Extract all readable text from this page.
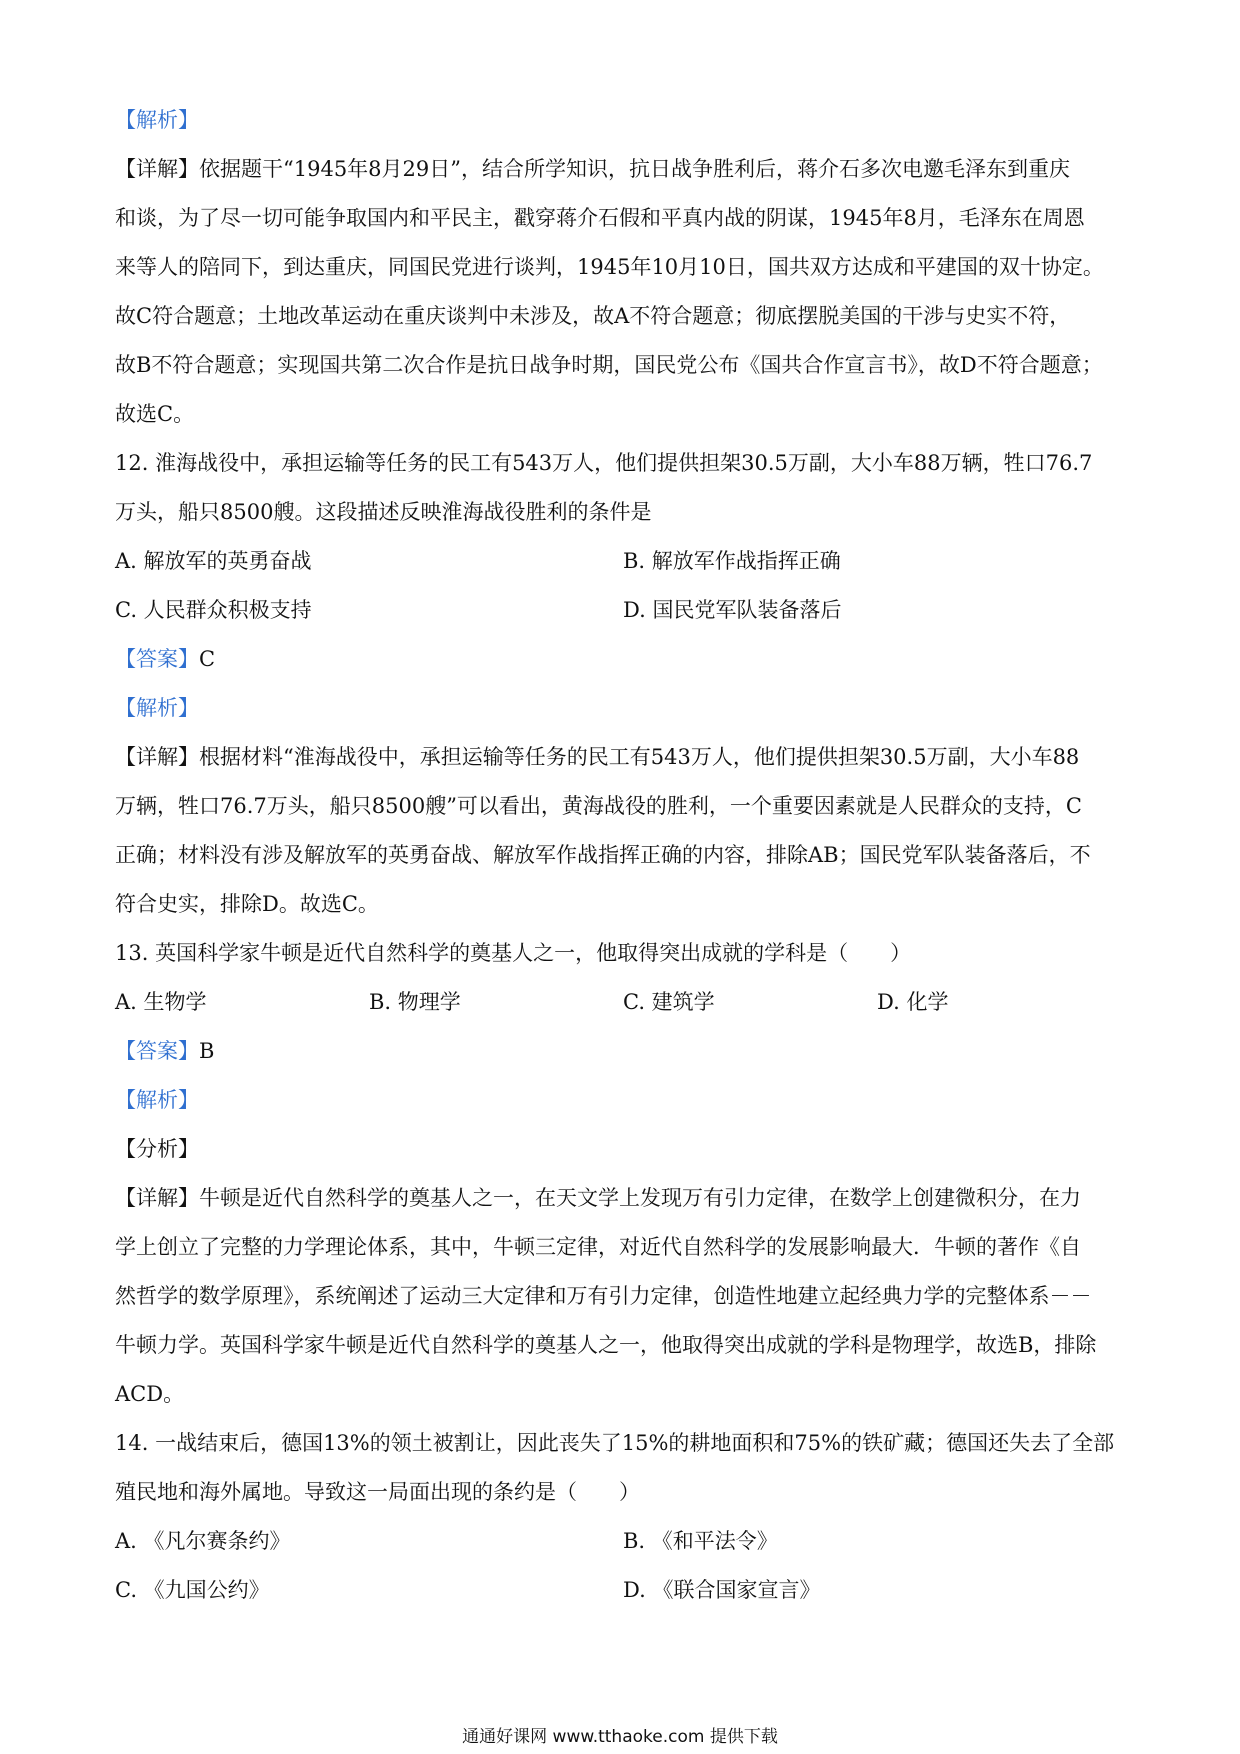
【 解析 】
【 详解 】 依据题干“1945年8月29日”，结合所学知识，抗日战争胜利后，蒋介石多次电邀毛泽东到重庆
和谈，为了尽一切可能争取国内和平民主，戳穿蒋介石假和平真内战的阴谋，1945年8月，毛泽东在周恩
来等人的陪同下，到达重庆，同国民党进行谈判，1945年10月10日，国共双方达成和平建国的双十协定。
故C符合题意；土地改革运动在重庆谈判中未涉及，故A不符合题意；彻底摆脱美国的干涉与史实不符，
故B不符合题意；实现国共第二次合作是抗日战争时期，国民党公布《国共合作宣言书》，故D不符合题意；
故选C。
12. 淮海战役中，承担运输等任务的民工有543万人，他们提供担架30.5万副，大小车88万辆，牲口76.7
万头，船只8500艘。这段描述反映淮海战役胜利的条件是
A. 解放军的英勇奋战	B. 解放军作战指挥正确
C. 人民群众积极支持	D. 国民党军队装备落后
【 答案 】 C
【 解析 】
【 详解 】 根据材料“淮海战役中，承担运输等任务的民工有543万人，他们提供担架30.5万副，大小车88
万辆，牲口76.7万头，船只8500艘”可以看出，黄海战役的胜利，一个重要因素就是人民群众的支持，C
正确；材料没有涉及解放军的英勇奋战、解放军作战指挥正确的内容，排除AB；国民党军队装备落后，不
符合史实，排除D。故选C。
13. 英国科学家牛顿是近代自然科学的奠基人之一，他取得突出成就的学科是（　　）
A. 生物学	B. 物理学	C. 建筑学	D. 化学
【 答案 】 B
【 解析 】
【 分析 】
【 详解 】 牛顿是近代自然科学的奠基人之一，在天文学上发现万有引力定律，在数学上创建微积分，在力
学上创立了完整的力学理论体系，其中，牛顿三定律，对近代自然科学的发展影响最大．牛顿的著作《自
然哲学的数学原理》，系统阐述了运动三大定律和万有引力定律，创造性地建立起经典力学的完整体系－－
牛顿力学。英国科学家牛顿是近代自然科学的奠基人之一，他取得突出成就的学科是物理学，故选B，排除
ACD。
14. 一战结束后，德国13%的领土被割让，因此丧失了15%的耕地面积和75%的铁矿藏；德国还失去了全部
殖民地和海外属地。导致这一局面出现的条约是（　　）
A. 《凡尔赛条约》	B. 《和平法令》
C. 《九国公约》	D. 《联合国家宣言》
通通好课网 www.tthaoke.com 提供下载
